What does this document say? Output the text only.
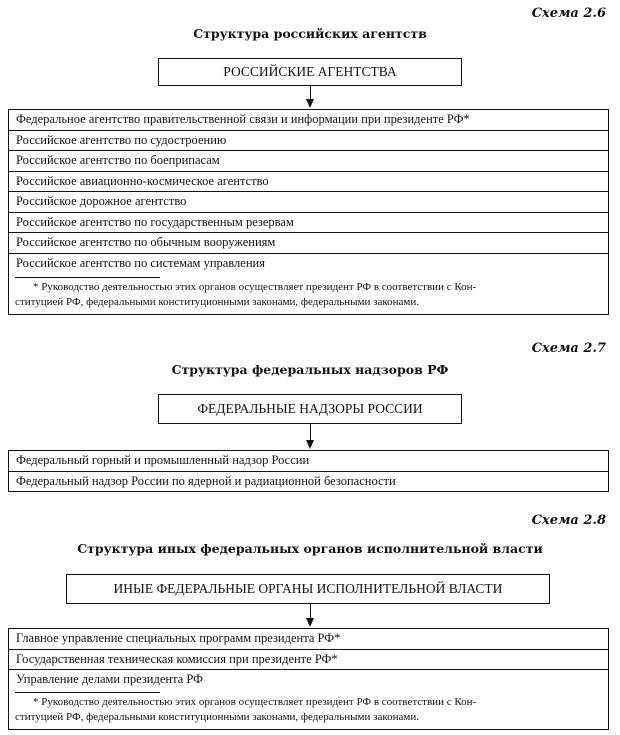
Схема 2.6
Структура российских агентств
РОССИЙСКИЕ АГЕНТСТВА
Федеральное агентство правительственной связи и информации при президенте РФ*
Российское агентство по судостроению
Российское агентство по боеприпасам
Российское авиационно-космическое агентство
Российское дорожное агентство
Российское агентство по государственным резервам
Российское агентство по обычным вооружениям
Российское агентство по системам управления
* Руководство деятельностью этих органов осуществляет президент РФ в соответствии с Кон-
ституцией РФ, федеральными конституционными законами, федеральными законами.
Схема 2.7
Структура федеральных надзоров РФ
ФЕДЕРАЛЬНЫЕ НАДЗОРЫ РОССИИ
Федеральный горный и промышленный надзор России
Федеральный надзор России по ядерной и радиационной безопасности
Схема 2.8
Структура иных федеральных органов исполнительной власти
ИНЫЕ ФЕДЕРАЛЬНЫЕ ОРГАНЫ ИСПОЛНИТЕЛЬНОЙ ВЛАСТИ
Главное управление специальных программ президента РФ*
Государственная техническая комиссия при президенте РФ*
Управление делами президента РФ
* Руководство деятельностью этих органов осуществляет президент РФ в соответствии с Кон-
ституцией РФ, федеральными конституционными законами, федеральными законами.
